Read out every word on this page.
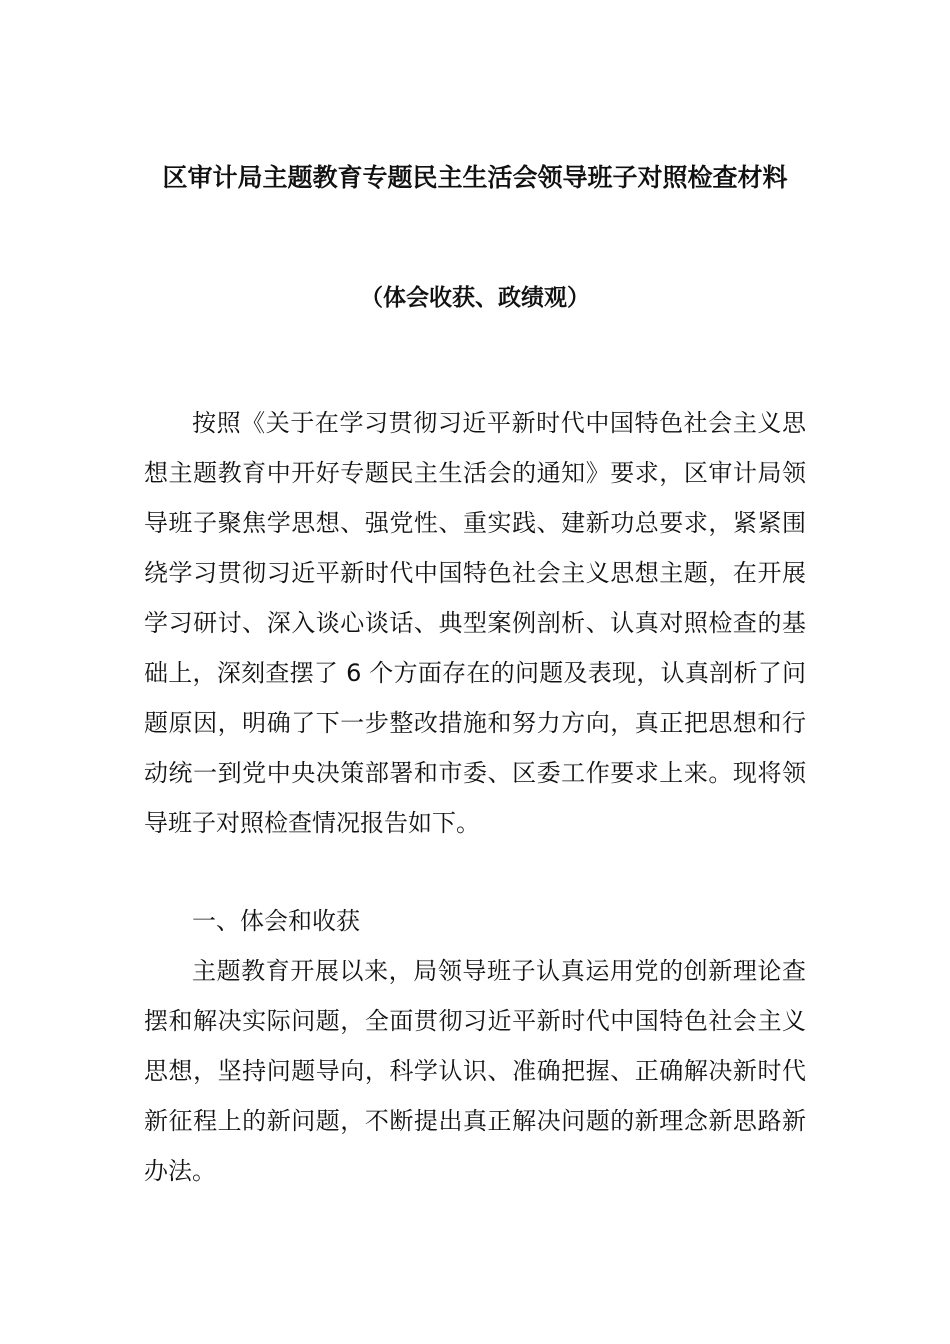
区审计局主题教育专题民主生活会领导班子对照检查材料
（体会收获、政绩观）

按照《关于在学习贯彻习近平新时代中国特色社会主义思想主题教育中开好专题民主生活会的通知》要求，区审计局领导班子聚焦学思想、强党性、重实践、建新功总要求，紧紧围绕学习贯彻习近平新时代中国特色社会主义思想主题，在开展学习研讨、深入谈心谈话、典型案例剖析、认真对照检查的基础上，深刻查摆了 6 个方面存在的问题及表现，认真剖析了问题原因，明确了下一步整改措施和努力方向，真正把思想和行动统一到党中央决策部署和市委、区委工作要求上来。现将领导班子对照检查情况报告如下。

一、体会和收获

主题教育开展以来，局领导班子认真运用党的创新理论查摆和解决实际问题，全面贯彻习近平新时代中国特色社会主义思想，坚持问题导向，科学认识、准确把握、正确解决新时代新征程上的新问题，不断提出真正解决问题的新理念新思路新办法。
